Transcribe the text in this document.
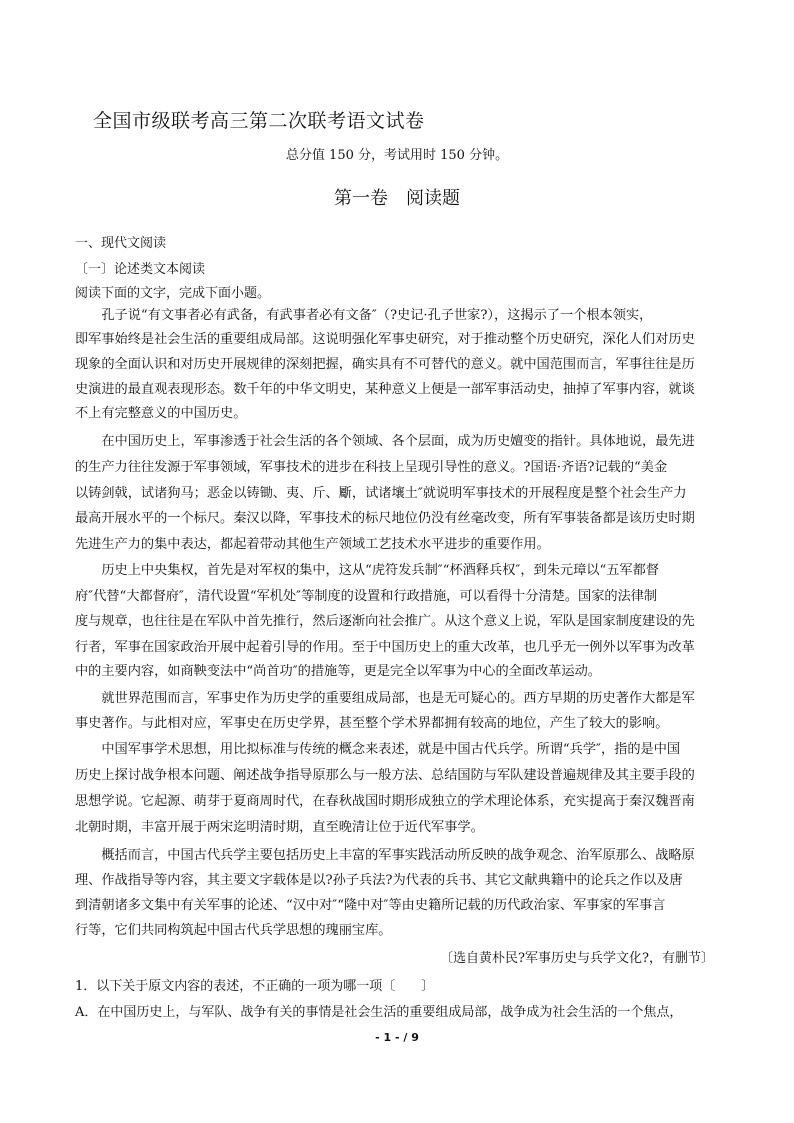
全国市级联考高三第二次联考语文试卷
总分值 150 分，考试用时 150 分钟。
第一卷　阅读题
一、现代文阅读
〔一〕论述类文本阅读
阅读下面的文字，完成下面小题。
　　孔子说“有文事者必有武备，有武事者必有文备″（?史记·孔子世家?），这揭示了一个根本领实，
即军事始终是社会生活的重要组成局部。这说明强化军事史研究，对于推动整个历史研究，深化人们对历史
现象的全面认识和对历史开展规律的深刻把握，确实具有不可替代的意义。就中国范围而言，军事往往是历
史演进的最直观表现形态。数千年的中华文明史，某种意义上便是一部军事活动史，抽掉了军事内容，就谈
不上有完整意义的中国历史。
　　在中国历史上，军事渗透于社会生活的各个领域、各个层面，成为历史嬗变的指针。具体地说，最先进
的生产力往往发源于军事领域，军事技术的进步在科技上呈现引导性的意义。?国语·齐语?记载的“美金
以铸剑戟，试诸狗马；恶金以铸锄、夷、斤、斸，试诸壤土″就说明军事技术的开展程度是整个社会生产力
最高开展水平的一个标尺。秦汉以降，军事技术的标尺地位仍没有丝毫改变，所有军事装备都是该历史时期
先进生产力的集中表达，都起着带动其他生产领域工艺技术水平进步的重要作用。
　　历史上中央集权，首先是对军权的集中，这从“虎符发兵制″“杯酒释兵权″，到朱元璋以“五军都督
府″代替“大都督府″，清代设置“军机处″等制度的设置和行政措施，可以看得十分清楚。国家的法律制
度与规章，也往往是在军队中首先推行，然后逐渐向社会推广。从这个意义上说，军队是国家制度建设的先
行者，军事在国家政治开展中起着引导的作用。至于中国历史上的重大改革，也几乎无一例外以军事为改革
中的主要内容，如商鞅变法中“尚首功″的措施等，更是完全以军事为中心的全面改革运动。
　　就世界范围而言，军事史作为历史学的重要组成局部，也是无可疑心的。西方早期的历史著作大都是军
事史著作。与此相对应，军事史在历史学界，甚至整个学术界都拥有较高的地位，产生了较大的影响。
　　中国军事学术思想，用比拟标准与传统的概念来表述，就是中国古代兵学。所谓“兵学″，指的是中国
历史上探讨战争根本问题、阐述战争指导原那么与一般方法、总结国防与军队建设普遍规律及其主要手段的
思想学说。它起源、萌芽于夏商周时代，在春秋战国时期形成独立的学术理论体系，充实提高于秦汉魏晋南
北朝时期，丰富开展于两宋迄明清时期，直至晚清让位于近代军事学。
　　概括而言，中国古代兵学主要包括历史上丰富的军事实践活动所反映的战争观念、治军原那么、战略原
理、作战指导等内容，其主要文字载体是以?孙子兵法?为代表的兵书、其它文献典籍中的论兵之作以及唐
到清朝诸多文集中有关军事的论述、“汉中对″“隆中对″等由史籍所记载的历代政治家、军事家的军事言
行等，它们共同构筑起中国古代兵学思想的瑰丽宝库。
〔选自黄朴民?军事历史与兵学文化?，有删节〕
1．以下关于原文内容的表述，不正确的一项为哪一项〔　　〕
A．在中国历史上，与军队、战争有关的事情是社会生活的重要组成局部，战争成为社会生活的一个焦点，
- 1 - / 9
